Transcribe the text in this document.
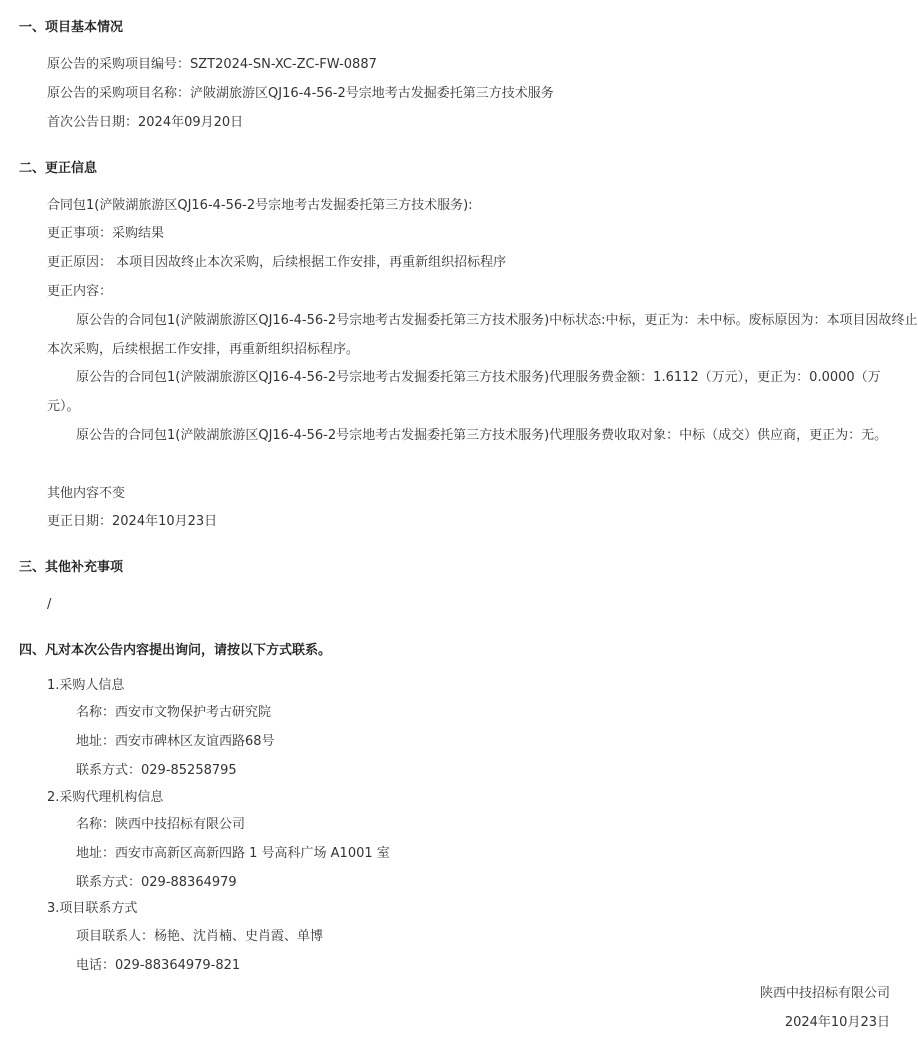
一、项目基本情况
原公告的采购项目编号：SZT2024-SN-XC-ZC-FW-0887
原公告的采购项目名称：浐陂湖旅游区QJ16-4-56-2号宗地考古发掘委托第三方技术服务
首次公告日期：2024年09月20日
二、更正信息
合同包1(浐陂湖旅游区QJ16-4-56-2号宗地考古发掘委托第三方技术服务):
更正事项：采购结果
更正原因： 本项目因故终止本次采购，后续根据工作安排，再重新组织招标程序
更正内容：
原公告的合同包1(浐陂湖旅游区QJ16-4-56-2号宗地考古发掘委托第三方技术服务)中标状态:中标，更正为：未中标。废标原因为：本项目因故终止
本次采购，后续根据工作安排，再重新组织招标程序。
原公告的合同包1(浐陂湖旅游区QJ16-4-56-2号宗地考古发掘委托第三方技术服务)代理服务费金额：1.6112（万元），更正为：0.0000（万
元）。
原公告的合同包1(浐陂湖旅游区QJ16-4-56-2号宗地考古发掘委托第三方技术服务)代理服务费收取对象：中标（成交）供应商，更正为：无。
其他内容不变
更正日期：2024年10月23日
三、其他补充事项
/
四、凡对本次公告内容提出询问，请按以下方式联系。
1.采购人信息
名称：西安市文物保护考古研究院
地址：西安市碑林区友谊西路68号
联系方式：029-85258795
2.采购代理机构信息
名称：陕西中技招标有限公司
地址：西安市高新区高新四路 1 号高科广场 A1001 室
联系方式：029-88364979
3.项目联系方式
项目联系人：杨艳、沈肖楠、史肖霞、单博
电话：029-88364979-821
陕西中技招标有限公司
2024年10月23日
